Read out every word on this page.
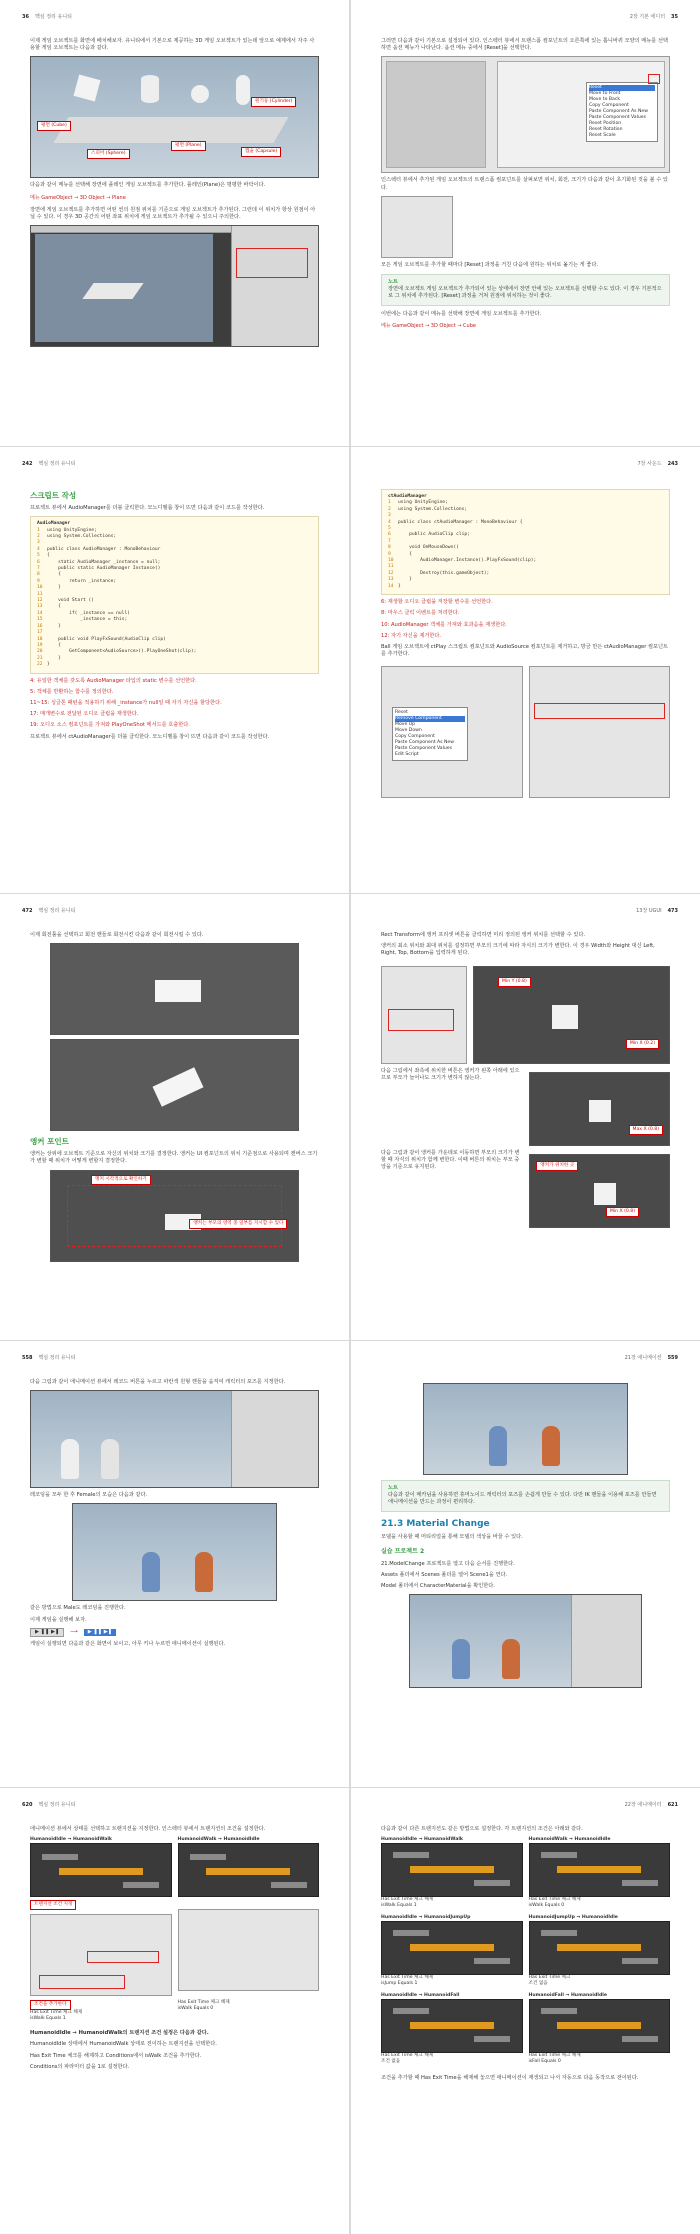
36 핵심 정리 유니티

이제 게임 오브젝트를 화면에 배치해보자. 유니티에서 기본으로 제공하는 3D 게임 오브젝트가 있는데 앞으로 예제에서 자주 사용할 게임 오브젝트는 다음과 같다.

평면 (Cube)
원기둥 (Cylinder)
스피어 (Sphere)
평면 (Plane)
캡슐 (Capsule)

다음과 같이 메뉴를 선택해 장면에 플레인 게임 오브젝트를 추가한다. 플레인(Plane)은 평평한 바닥이다.

메뉴 GameObject → 3D Object → Plane

장면에 게임 오브젝트를 추가하면 어떤 씬의 원점 위치를 기준으로 게임 오브젝트가 추가된다. 그런데 이 위치가 항상 원점이 아닐 수 있다. 이 경우 3D 공간의 어떤 좌표 위치에 게임 오브젝트가 추가될 수 있으니 주의한다.

2장 기본 에디터 35

그러면 다음과 같이 기본으로 설정되어 있다. 인스펙터 뷰에서 트랜스폼 컴포넌트의 오른쪽에 있는 톱니바퀴 모양의 메뉴를 선택하면 옵션 메뉴가 나타난다. 옵션 메뉴 중에서 [Reset]을 선택한다.

Reset
Move to Front
Move to Back
Copy Component
Paste Component As New
Paste Component Values
Reset Position
Reset Rotation
Reset Scale

인스펙터 뷰에서 추가된 게임 오브젝트의 트랜스폼 컴포넌트를 살펴보면 위치, 회전, 크기가 다음과 같이 초기화된 것을 볼 수 있다.

모든 게임 오브젝트를 추가할 때마다 [Reset] 과정을 거친 다음에 원하는 위치로 옮기는 게 좋다.

노트
장면에 오브젝트 게임 오브젝트가 추가되어 있는 상태에서 장면 안에 있는 오브젝트를 선택할 수도 있다. 이 경우 기본적으로 그 위치에 추가된다. [Reset] 과정을 거쳐 원점에 위치하는 것이 좋다.

이번에는 다음과 같이 메뉴를 선택해 장면에 게임 오브젝트를 추가한다.

메뉴 GameObject → 3D Object → Cube

242 핵심 정리 유니티
스크립트 작성

프로젝트 뷰에서 AudioManager를 더블 클릭한다. 모노디벨롭 창이 뜨면 다음과 같이 코드를 작성한다.

AudioManager
1 using UnityEngine;
2 using System.Collections;
3
4 public class AudioManager : MonoBehaviour
5 {
6    static AudioManager _instance = null;
7    public static AudioManager Instance()
8    {
9        return _instance;
10    }
11
12    void Start ()
13    {
14        if( _instance == null)
15            _instance = this;
16    }
17
18    public void PlayFxSound(AudioClip clip)
19    {
20        GetComponent<AudioSource>().PlayOneShot(clip);
21    }
22 }

4: 유일한 객체를 갖도록 AudioManager 타입의 static 변수를 선언한다.

5: 객체를 반환하는 함수를 정의한다.

11~15: 싱글톤 패턴을 적용하기 위해 _instance가 null일 때 자기 자신을 할당한다.

17: 매개변수로 전달된 오디오 클립을 재생한다.

19: 오디오 소스 컴포넌트를 가져와 PlayOneShot 메서드를 호출한다.

프로젝트 뷰에서 ctAudioManager를 더블 클릭한다. 모노디벨롭 창이 뜨면 다음과 같이 코드를 작성한다.

7장 사운드 243
ctAudioManager
1 using UnityEngine;
2 using System.Collections;
3
4 public class ctAudioManager : MonoBehaviour {
5
6    public AudioClip clip;
7
8    void OnMouseDown()
9    {
10        AudioManager.Instance().PlayFxSound(clip);
11
12        Destroy(this.gameObject);
13    }
14 }

6: 재생할 오디오 클립을 저장할 변수를 선언한다.

8: 마우스 클릭 이벤트를 처리한다.

10: AudioManager 객체를 가져와 효과음을 재생한다.

12: 자기 자신을 제거한다.

Ball 게임 오브젝트에 ctPlay 스크립트 컴포넌트와 AudioSource 컴포넌트를 제거하고, 방금 만든 ctAudioManager 컴포넌트를 추가한다.

Reset
Remove Component
Move Up
Move Down
Copy Component
Paste Component As New
Paste Component Values
Edit Script
472 핵심 정리 유니티

이제 회전툴을 선택하고 회전 핸들로 회전시킨 다음과 같이 회전시킬 수 있다.

앵커 포인트

앵커는 상위에 오브젝트 기준으로 자신의 위치와 크기를 결정한다. 앵커는 UI 컴포넌트의 위치 기준점으로 사용되며 캔버스 크기가 변할 때 위치가 어떻게 변할지 결정한다.

앵커 시각적으로 확인하기
앵커는 부모의 영역 중 일부를 지시할 수 있다
13장 UGUI 473

Rect Transform에 앵커 프리셋 버튼을 클릭하면 미리 정의된 앵커 위치를 선택할 수 있다.

앵커의 최소 위치와 최대 위치를 설정하면 부모의 크기에 따라 자식의 크기가 변한다. 이 경우 Width와 Height 대신 Left, Right, Top, Bottom을 입력하게 된다.

Min Y (0.8)
Min X (0.2)

다음 그림에서 좌측에 위치한 버튼은 앵커가 왼쪽 아래에 있으므로 부모가 늘어나도 크기가 변하지 않는다.

Max X (0.8)

다음 그림과 같이 앵커를 가운데로 이동하면 부모의 크기가 변할 때 자식의 위치가 함께 변한다. 이때 버튼의 위치는 부모 중앙을 기준으로 유지된다.	앵커가 위치한 곳
Min X (0.8)
558 핵심 정리 유니티

다음 그림과 같이 애니메이션 뷰에서 레코드 버튼을 누르고 파란색 원형 핸들을 움직여 캐릭터의 포즈를 지정한다.

레코딩을 모두 한 후 Female의 모습은 다음과 같다.

같은 방법으로 Male도 레코딩을 진행한다.

이제 게임을 실행해 보자.

▶ ❚❚ ▶❚	⟶	▶ ❚❚ ▶❚

게임이 실행되면 다음과 같은 화면이 보이고, 아무 키나 누르면 애니메이션이 실행된다.

21장 애니메이션 559
노트
다음과 같이 메카님을 사용하면 휴머노이드 캐릭터의 포즈를 손쉽게 만들 수 있다. 다만 IK 핸들을 이용해 포즈를 만들면 애니메이션을 만드는 과정이 편리하다.
21.3 Material Change

모델을 사용할 때 머티리얼을 통해 모델의 색상을 바꿀 수 있다.

실습 프로젝트 2

21.ModelChange 프로젝트를 열고 다음 순서를 진행한다.

Assets 폴더에서 Scenes 폴더를 열어 Scene1을 연다.

Model 폴더에서 CharacterMaterial을 확인한다.

620 핵심 정리 유니티

애니메이션 뷰에서 상태를 선택하고 트랜지션을 지정한다. 인스펙터 뷰에서 트랜지션의 조건을 설정한다.

HumanoidIdle → HumanoidWalk
트랜지션 조건 지정
조건을 추가한다
Has Exit Time 체크 해제
isWalk Equals 1
HumanoidWalk → HumanoidIdle
Has Exit Time 체크 해제
isWalk Equals 0

HumanoidIdle → HumanoidWalk의 트랜지션 조건 설정은 다음과 같다.

HumanoidIdle 상태에서 HumanoidWalk 상태로 전이하는 트랜지션을 선택한다.

Has Exit Time 체크를 해제하고 Conditions에서 isWalk 조건을 추가한다.

Conditions의 파라미터 값을 1로 설정한다.

22장 애니메이터 621

다음과 같이 다른 트랜지션도 같은 방법으로 설정한다. 각 트랜지션의 조건은 아래와 같다.

HumanoidIdle → HumanoidWalk
Has Exit Time 체크 해제
isWalk Equals 1
HumanoidWalk → HumanoidIdle
Has Exit Time 체크 해제
isWalk Equals 0
HumanoidIdle → HumanoidJumpUp
Has Exit Time 체크 해제
isJump Equals 1
HumanoidJumpUp → HumanoidIdle
Has Exit Time 체크
조건 없음
HumanoidIdle → HumanoidFall
Has Exit Time 체크 해제
조건 없음
HumanoidFall → HumanoidIdle
Has Exit Time 체크 해제
isFall Equals 0

조건을 추가할 때 Has Exit Time을 해제해 놓으면 애니메이션이 재생되고 나서 자동으로 다음 동작으로 전이된다.
